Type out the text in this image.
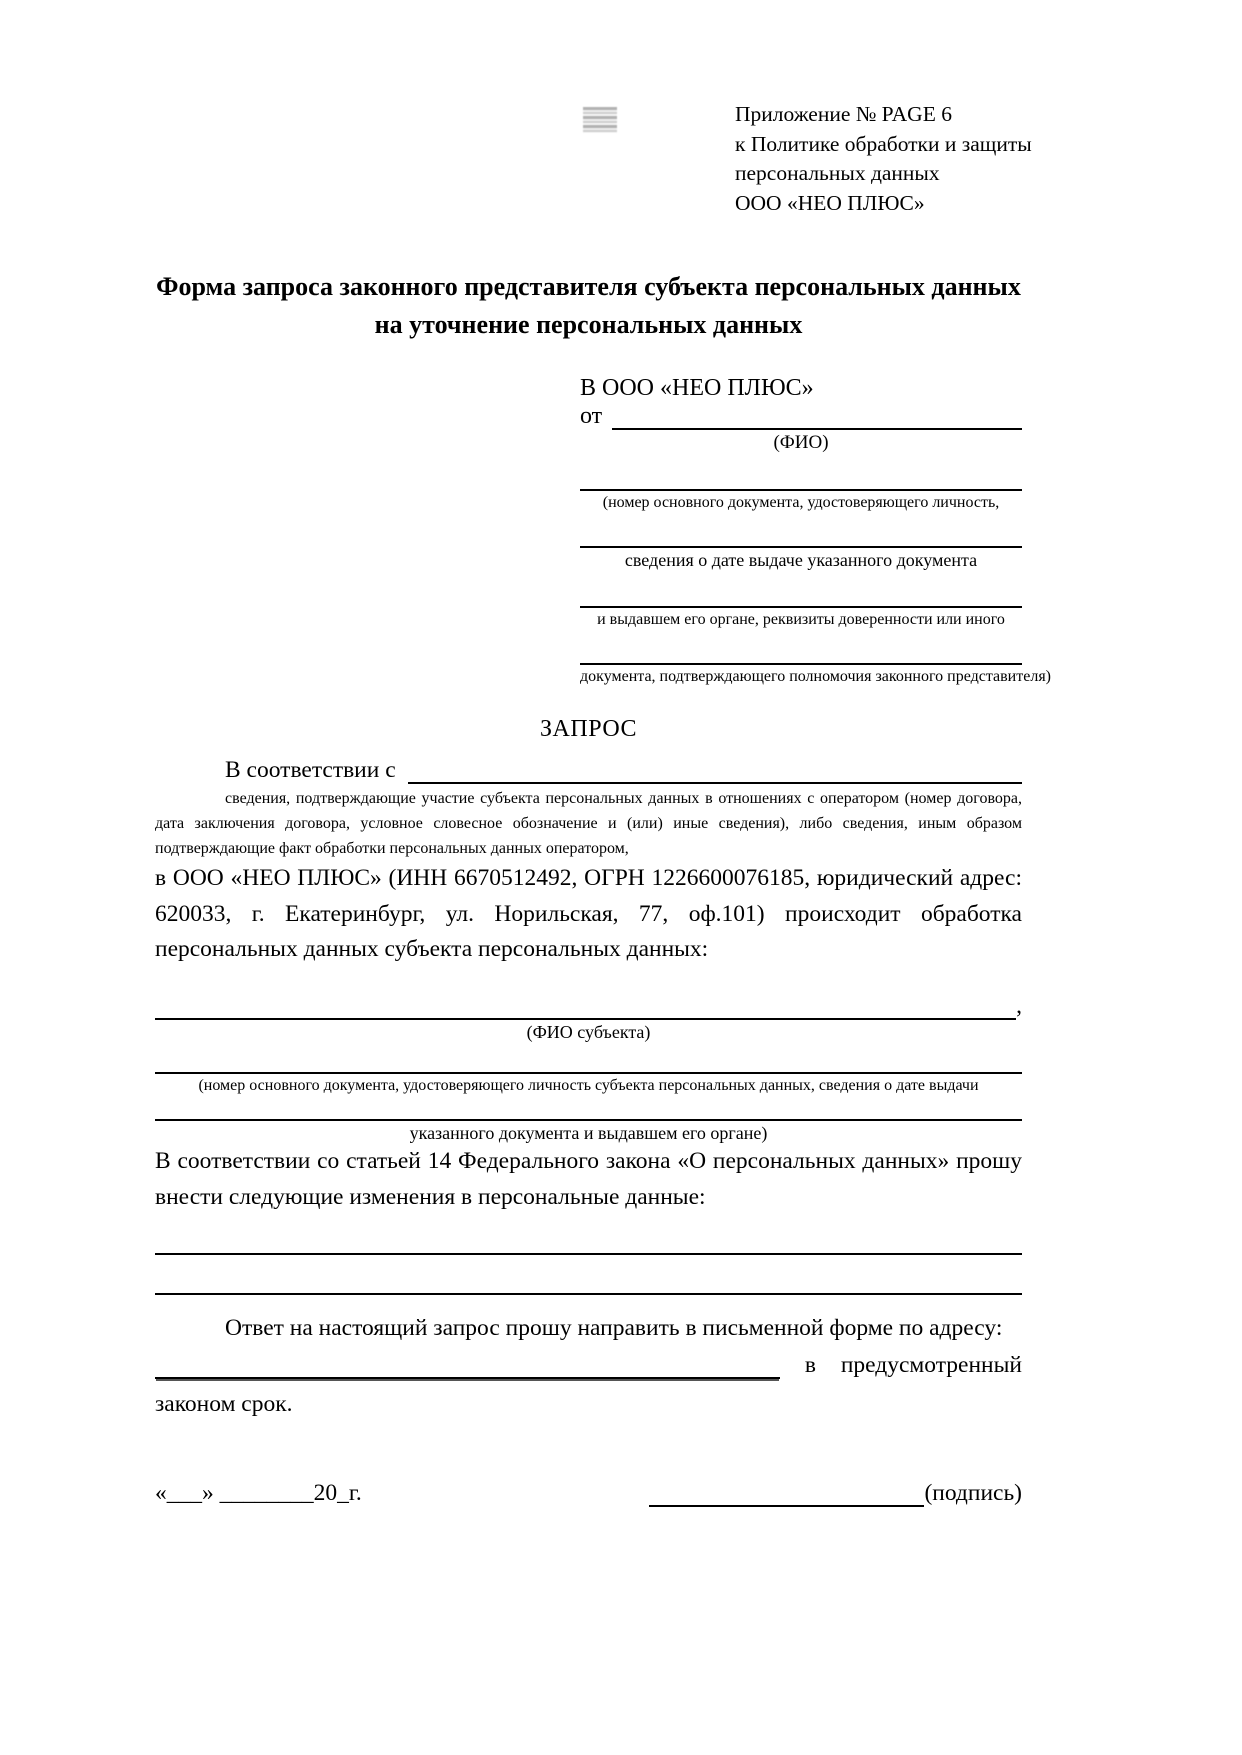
Приложение № PAGE 6
к Политике обработки и защиты
персональных данных
ООО «НЕО ПЛЮС»
Форма запроса законного представителя субъекта персональных данных
на уточнение персональных данных
В ООО «НЕО ПЛЮС»
от
(ФИО)
(номер основного документа, удостоверяющего личность,
сведения о дате выдаче указанного документа
и выдавшем его органе, реквизиты доверенности или иного
документа, подтверждающего полномочия законного представителя)
ЗАПРОС
В соответствии с
сведения, подтверждающие участие субъекта персональных данных в отношениях с оператором (номер договора, дата заключения договора, условное словесное обозначение и (или) иные сведения), либо сведения, иным образом подтверждающие факт обработки персональных данных оператором,
в ООО «НЕО ПЛЮС» (ИНН 6670512492, ОГРН 1226600076185, юридический адрес: 620033, г. Екатеринбург, ул. Норильская, 77, оф.101) происходит обработка персональных данных субъекта персональных данных:
,
(ФИО субъекта)
(номер основного документа, удостоверяющего личность субъекта персональных данных, сведения о дате выдачи
указанного документа и выдавшем его органе)
В соответствии со статьей 14 Федерального закона «О персональных данных» прошу внести следующие изменения в персональные данные:
Ответ на настоящий запрос прошу направить в письменной форме по адресу:
в предусмотренный
законом срок.
«___» ________20_г.	(подпись)
